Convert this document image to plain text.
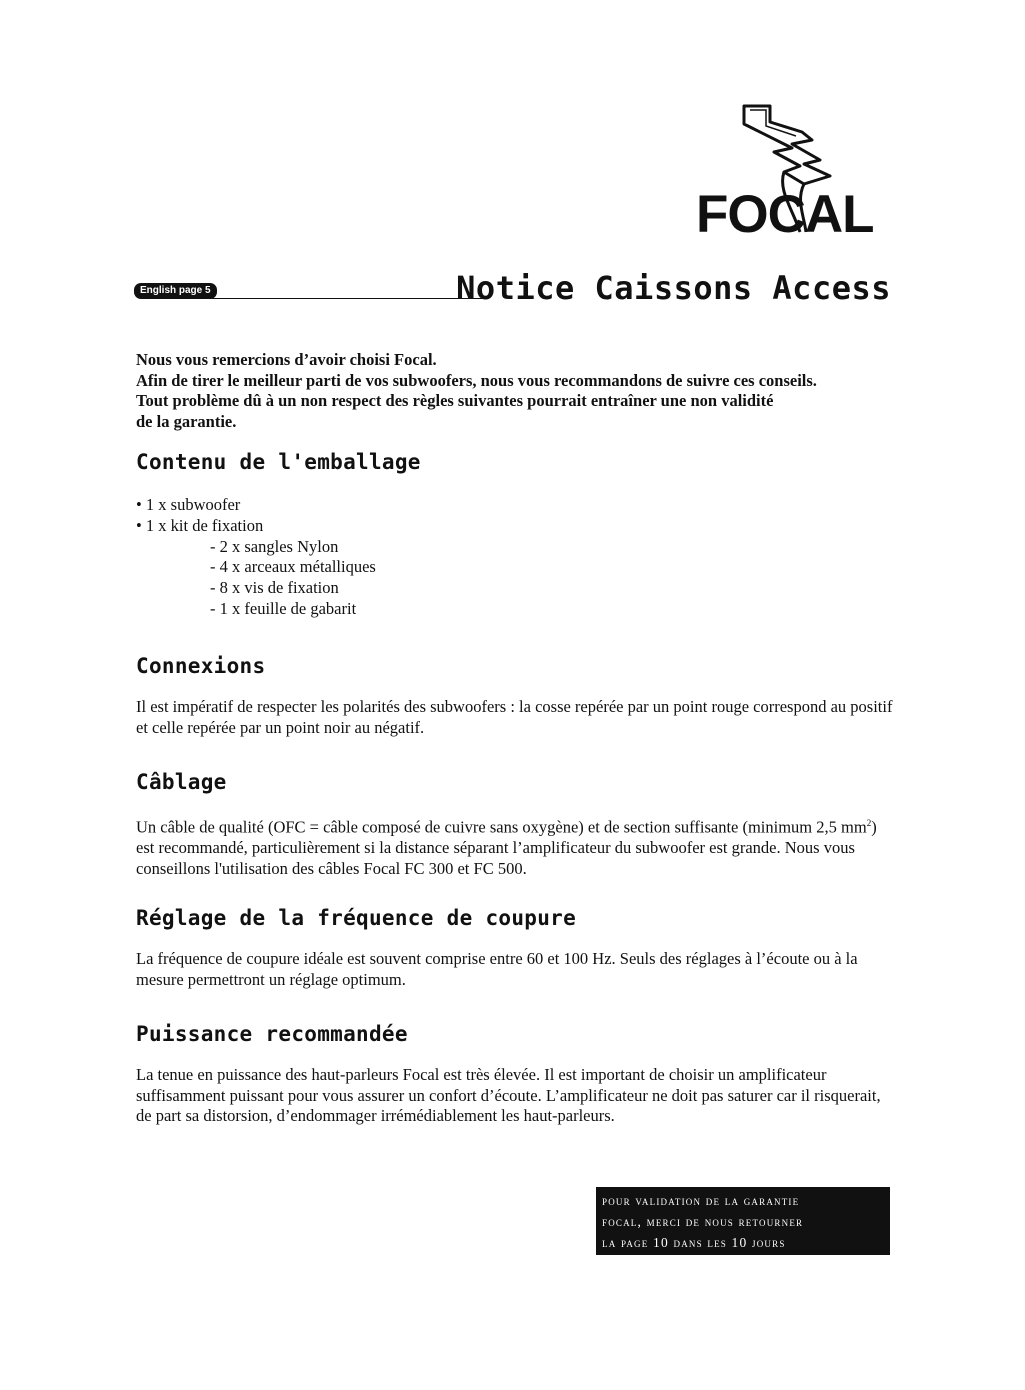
FOCAL
English page 5	Notice Caissons Access

Nous vous remercions d’avoir choisi Focal.
Afin de tirer le meilleur parti de vos subwoofers, nous vous recommandons de suivre ces conseils.
Tout problème dû à un non respect des règles suivantes pourrait entraîner une non validité
de la garantie.

Contenu de l'emballage
• 1 x subwoofer
• 1 x kit de fixation
- 2 x sangles Nylon
- 4 x arceaux métalliques
- 8 x vis de fixation
- 1 x feuille de gabarit
Connexions

Il est impératif de respecter les polarités des subwoofers : la cosse repérée par un point rouge correspond au positif et celle repérée par un point noir au négatif.

Câblage

Un câble de qualité (OFC = câble composé de cuivre sans oxygène) et de section suffisante (minimum 2,5 $mm^2$) est recommandé, particulièrement si la distance séparant l’amplificateur du subwoofer est grande. Nous vous conseillons l'utilisation des câbles Focal FC 300 et FC 500.

Réglage de la fréquence de coupure

La fréquence de coupure idéale est souvent comprise entre 60 et 100 Hz. Seuls des réglages à l’écoute ou à la mesure permettront un réglage optimum.

Puissance recommandée

La tenue en puissance des haut-parleurs Focal est très élevée. Il est important de choisir un amplificateur suffisamment puissant pour vous assurer un confort d’écoute. L’amplificateur ne doit pas saturer car il risquerait, de part sa distorsion, d’endommager irrémédiablement les haut-parleurs.

pour validation de la garantie
focal, merci de nous retourner
la page 10 dans les 10 jours
